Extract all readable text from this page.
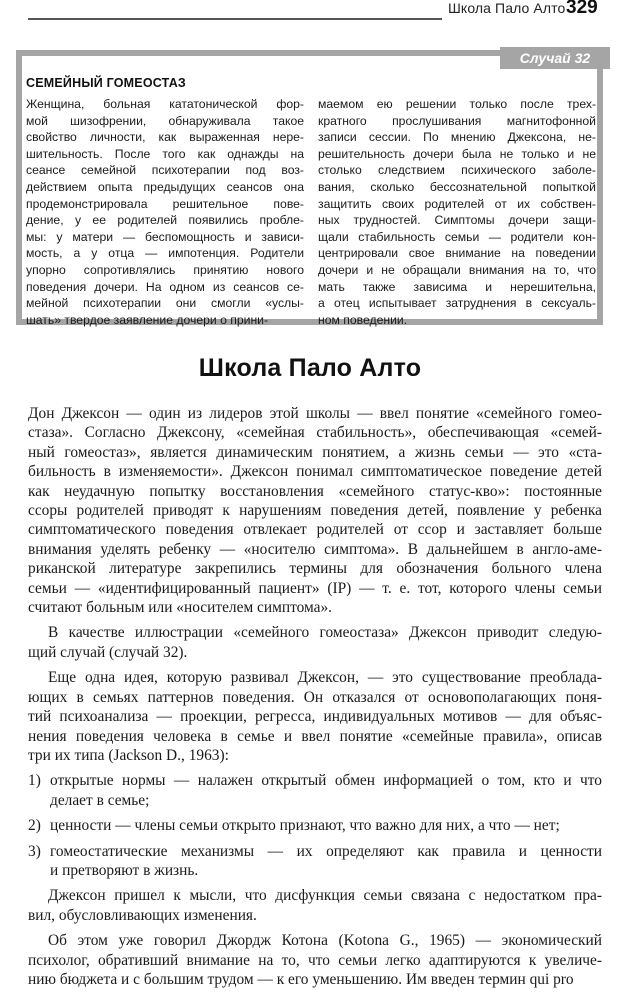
Школа Пало Алто 329
Случай 32
СЕМЕЙНЫЙ ГОМЕОСТАЗ
Женщина, больная кататонической фор-
мой шизофрении, обнаруживала такое
свойство личности, как выраженная нере-
шительность. После того как однажды на
сеансе семейной психотерапии под воз-
действием опыта предыдущих сеансов она
продемонстрировала решительное пове-
дение, у ее родителей появились пробле-
мы: у матери — беспомощность и зависи-
мость, а у отца — импотенция. Родители
упорно сопротивлялись принятию нового
поведения дочери. На одном из сеансов се-
мейной психотерапии они смогли «услы-
шать» твердое заявление дочери о прини-
маемом ею решении только после трех-
кратного прослушивания магнитофонной
записи сессии. По мнению Джексона, не-
решительность дочери была не только и не
столько следствием психического заболе-
вания, сколько бессознательной попыткой
защитить своих родителей от их собствен-
ных трудностей. Симптомы дочери защи-
щали стабильность семьи — родители кон-
центрировали свое внимание на поведении
дочери и не обращали внимания на то, что
мать также зависима и нерешительна,
а отец испытывает затруднения в сексуаль-
ном поведении.
Школа Пало Алто
Дон Джексон — один из лидеров этой школы — ввел понятие «семейного гомео-
стаза». Согласно Джексону, «семейная стабильность», обеспечивающая «семей-
ный гомеостаз», является динамическим понятием, а жизнь семьи — это «ста-
бильность в изменяемости». Джексон понимал симптоматическое поведение детей
как неудачную попытку восстановления «семейного статус-кво»: постоянные
ссоры родителей приводят к нарушениям поведения детей, появление у ребенка
симптоматического поведения отвлекает родителей от ссор и заставляет больше
внимания уделять ребенку — «носителю симптома». В дальнейшем в англо-аме-
риканской литературе закрепились термины для обозначения больного члена
семьи — «идентифицированный пациент» (IP) — т. е. тот, которого члены семьи
считают больным или «носителем симптома».
В качестве иллюстрации «семейного гомеостаза» Джексон приводит следую-
щий случай (случай 32).
Еще одна идея, которую развивал Джексон, — это существование преоблада-
ющих в семьях паттернов поведения. Он отказался от основополагающих поня-
тий психоанализа — проекции, регресса, индивидуальных мотивов — для объяс-
нения поведения человека в семье и ввел понятие «семейные правила», описав
три их типа (Jackson D., 1963):
1) открытые нормы — налажен открытый обмен информацией о том, кто и что
делает в семье;
2) ценности — члены семьи открыто признают, что важно для них, а что — нет;
3) гомеостатические механизмы — их определяют как правила и ценности
и претворяют в жизнь.
Джексон пришел к мысли, что дисфункция семьи связана с недостатком пра-
вил, обусловливающих изменения.
Об этом уже говорил Джордж Котона (Kotona G., 1965) — экономический
психолог, обративший внимание на то, что семьи легко адаптируются к увеличе-
нию бюджета и с большим трудом — к его уменьшению. Им введен термин qui pro
